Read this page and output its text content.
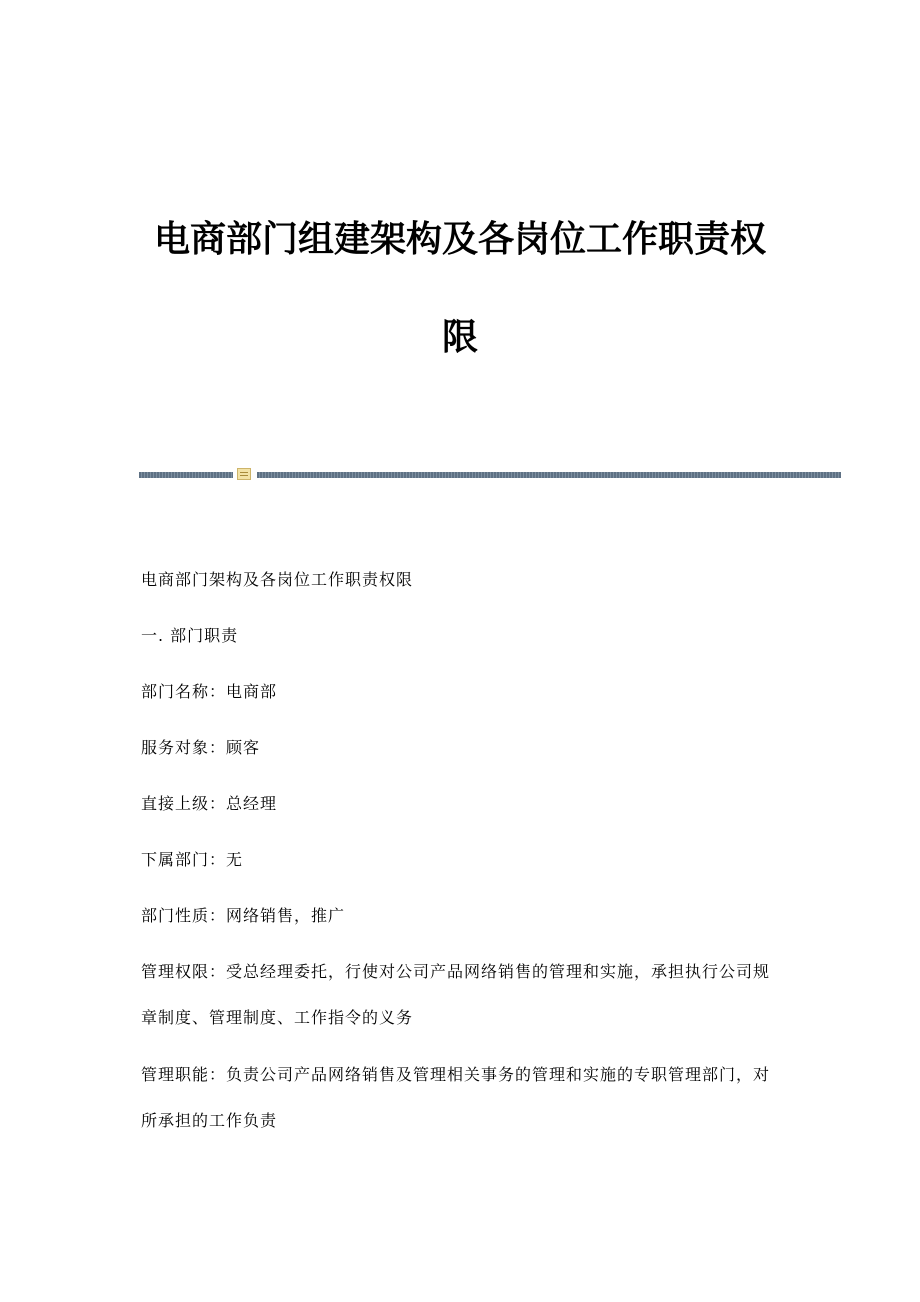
电商部门组建架构及各岗位工作职责权
限

电商部门架构及各岗位工作职责权限

一. 部门职责

部门名称：电商部

服务对象：顾客

直接上级：总经理

下属部门：无

部门性质：网络销售，推广

管理权限：受总经理委托，行使对公司产品网络销售的管理和实施，承担执行公司规章制度、管理制度、工作指令的义务

管理职能：负责公司产品网络销售及管理相关事务的管理和实施的专职管理部门，对所承担的工作负责
